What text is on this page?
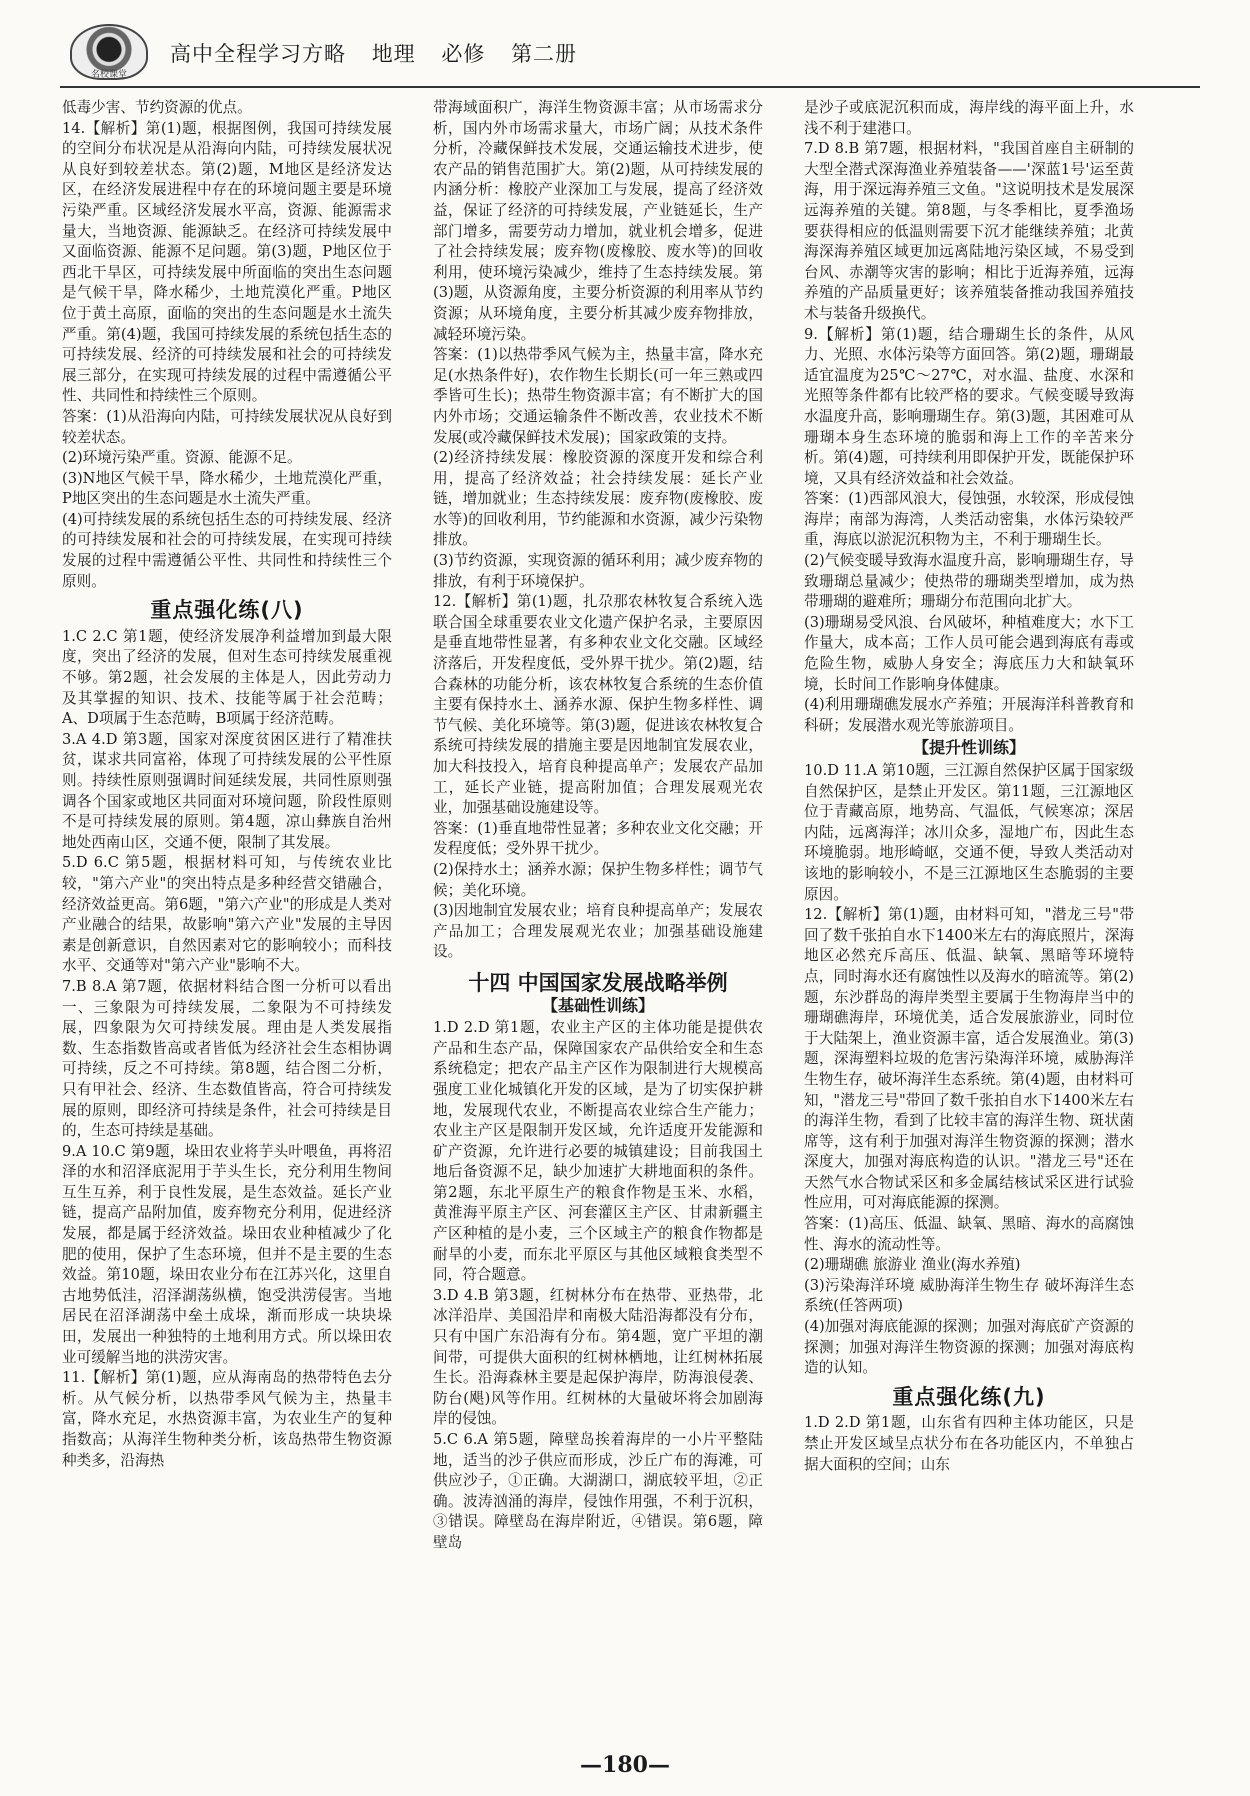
名校课堂
高中全程学习方略 地理 必修 第二册

低毒少害、节约资源的优点。

14.【解析】第(1)题，根据图例，我国可持续发展的空间分布状况是从沿海向内陆，可持续发展状况从良好到较差状态。第(2)题，M地区是经济发达区，在经济发展进程中存在的环境问题主要是环境污染严重。区域经济发展水平高，资源、能源需求量大，当地资源、能源缺乏。在经济可持续发展中又面临资源、能源不足问题。第(3)题，P地区位于西北干旱区，可持续发展中所面临的突出生态问题是气候干旱，降水稀少，土地荒漠化严重。P地区位于黄土高原，面临的突出的生态问题是水土流失严重。第(4)题，我国可持续发展的系统包括生态的可持续发展、经济的可持续发展和社会的可持续发展三部分，在实现可持续发展的过程中需遵循公平性、共同性和持续性三个原则。

答案：(1)从沿海向内陆，可持续发展状况从良好到较差状态。

(2)环境污染严重。资源、能源不足。

(3)N地区气候干旱，降水稀少，土地荒漠化严重，P地区突出的生态问题是水土流失严重。

(4)可持续发展的系统包括生态的可持续发展、经济的可持续发展和社会的可持续发展，在实现可持续发展的过程中需遵循公平性、共同性和持续性三个原则。

重点强化练(八)

1.C 2.C 第1题，使经济发展净利益增加到最大限度，突出了经济的发展，但对生态可持续发展重视不够。第2题，社会发展的主体是人，因此劳动力及其掌握的知识、技术、技能等属于社会范畴；A、D项属于生态范畴，B项属于经济范畴。

3.A 4.D 第3题，国家对深度贫困区进行了精准扶贫，谋求共同富裕，体现了可持续发展的公平性原则。持续性原则强调时间延续发展，共同性原则强调各个国家或地区共同面对环境问题，阶段性原则不是可持续发展的原则。第4题，凉山彝族自治州地处西南山区，交通不便，限制了其发展。

5.D 6.C 第5题，根据材料可知，与传统农业比较，"第六产业"的突出特点是多种经营交错融合，经济效益更高。第6题，"第六产业"的形成是人类对产业融合的结果，故影响"第六产业"发展的主导因素是创新意识，自然因素对它的影响较小；而科技水平、交通等对"第六产业"影响不大。

7.B 8.A 第7题，依据材料结合图一分析可以看出一、三象限为可持续发展，二象限为不可持续发展，四象限为欠可持续发展。理由是人类发展指数、生态指数皆高或者皆低为经济社会生态相协调可持续，反之不可持续。第8题，结合图二分析，只有甲社会、经济、生态数值皆高，符合可持续发展的原则，即经济可持续是条件，社会可持续是目的，生态可持续是基础。

9.A 10.C 第9题，垛田农业将芋头叶喂鱼，再将沼泽的水和沼泽底泥用于芋头生长，充分利用生物间互生互养，利于良性发展，是生态效益。延长产业链，提高产品附加值，废弃物充分利用，促进经济发展，都是属于经济效益。垛田农业种植减少了化肥的使用，保护了生态环境，但并不是主要的生态效益。第10题，垛田农业分布在江苏兴化，这里自古地势低洼，沼泽湖荡纵横，饱受洪涝侵害。当地居民在沼泽湖荡中垒土成垛，渐而形成一块块垛田，发展出一种独特的土地利用方式。所以垛田农业可缓解当地的洪涝灾害。

11.【解析】第(1)题，应从海南岛的热带特色去分析。从气候分析，以热带季风气候为主，热量丰富，降水充足，水热资源丰富，为农业生产的复种指数高；从海洋生物种类分析，该岛热带生物资源种类多，沿海热

带海域面积广，海洋生物资源丰富；从市场需求分析，国内外市场需求量大，市场广阔；从技术条件分析，冷藏保鲜技术发展，交通运输技术进步，使农产品的销售范围扩大。第(2)题，从可持续发展的内涵分析：橡胶产业深加工与发展，提高了经济效益，保证了经济的可持续发展，产业链延长，生产部门增多，需要劳动力增加，就业机会增多，促进了社会持续发展；废弃物(废橡胶、废水等)的回收利用，使环境污染减少，维持了生态持续发展。第(3)题，从资源角度，主要分析资源的利用率从节约资源；从环境角度，主要分析其减少废弃物排放，减轻环境污染。

答案：(1)以热带季风气候为主，热量丰富，降水充足(水热条件好)，农作物生长期长(可一年三熟或四季皆可生长)；热带生物资源丰富；有不断扩大的国内外市场；交通运输条件不断改善，农业技术不断发展(或冷藏保鲜技术发展)；国家政策的支持。

(2)经济持续发展：橡胶资源的深度开发和综合利用，提高了经济效益；社会持续发展：延长产业链，增加就业；生态持续发展：废弃物(废橡胶、废水等)的回收利用，节约能源和水资源，减少污染物排放。

(3)节约资源，实现资源的循环利用；减少废弃物的排放，有利于环境保护。

12.【解析】第(1)题，扎尕那农林牧复合系统入选联合国全球重要农业文化遗产保护名录，主要原因是垂直地带性显著，有多种农业文化交融。区域经济落后，开发程度低，受外界干扰少。第(2)题，结合森林的功能分析，该农林牧复合系统的生态价值主要有保持水土、涵养水源、保护生物多样性、调节气候、美化环境等。第(3)题，促进该农林牧复合系统可持续发展的措施主要是因地制宜发展农业，加大科技投入，培育良种提高单产；发展农产品加工，延长产业链，提高附加值；合理发展观光农业，加强基础设施建设等。

答案：(1)垂直地带性显著；多种农业文化交融；开发程度低；受外界干扰少。

(2)保持水土；涵养水源；保护生物多样性；调节气候；美化环境。

(3)因地制宜发展农业；培育良种提高单产；发展农产品加工；合理发展观光农业；加强基础设施建设。

十四 中国国家发展战略举例
【基础性训练】

1.D 2.D 第1题，农业主产区的主体功能是提供农产品和生态产品，保障国家农产品供给安全和生态系统稳定；把农产品主产区作为限制进行大规模高强度工业化城镇化开发的区域，是为了切实保护耕地，发展现代农业，不断提高农业综合生产能力；农业主产区是限制开发区域，允许适度开发能源和矿产资源，允许进行必要的城镇建设；目前我国土地后备资源不足，缺少加速扩大耕地面积的条件。第2题，东北平原生产的粮食作物是玉米、水稻，黄淮海平原主产区、河套灌区主产区、甘肃新疆主产区种植的是小麦，三个区域主产的粮食作物都是耐旱的小麦，而东北平原区与其他区域粮食类型不同，符合题意。

3.D 4.B 第3题，红树林分布在热带、亚热带，北冰洋沿岸、美国沿岸和南极大陆沿海都没有分布，只有中国广东沿海有分布。第4题，宽广平坦的潮间带，可提供大面积的红树林栖地，让红树林拓展生长。沿海森林主要是起保护海岸，防海浪侵袭、防台(飓)风等作用。红树林的大量破坏将会加剧海岸的侵蚀。

5.C 6.A 第5题，障壁岛挨着海岸的一小片平整陆地，适当的沙子供应而形成，沙丘广布的海滩，可供应沙子，①正确。大湖湖口，湖底较平坦，②正确。波涛汹涌的海岸，侵蚀作用强，不利于沉积，③错误。障壁岛在海岸附近，④错误。第6题，障壁岛

是沙子或底泥沉积而成，海岸线的海平面上升，水浅不利于建港口。

7.D 8.B 第7题，根据材料，"我国首座自主研制的大型全潜式深海渔业养殖装备——'深蓝1号'运至黄海，用于深远海养殖三文鱼。"这说明技术是发展深远海养殖的关键。第8题，与冬季相比，夏季渔场要获得相应的低温则需要下沉才能继续养殖；北黄海深海养殖区域更加远离陆地污染区域，不易受到台风、赤潮等灾害的影响；相比于近海养殖，远海养殖的产品质量更好；该养殖装备推动我国养殖技术与装备升级换代。

9.【解析】第(1)题，结合珊瑚生长的条件，从风力、光照、水体污染等方面回答。第(2)题，珊瑚最适宜温度为25℃～27℃，对水温、盐度、水深和光照等条件都有比较严格的要求。气候变暖导致海水温度升高，影响珊瑚生存。第(3)题，其困难可从珊瑚本身生态环境的脆弱和海上工作的辛苦来分析。第(4)题，可持续利用即保护开发，既能保护环境，又具有经济效益和社会效益。

答案：(1)西部风浪大，侵蚀强，水较深，形成侵蚀海岸；南部为海湾，人类活动密集，水体污染较严重，海底以淤泥沉积物为主，不利于珊瑚生长。

(2)气候变暖导致海水温度升高，影响珊瑚生存，导致珊瑚总量减少；使热带的珊瑚类型增加，成为热带珊瑚的避难所；珊瑚分布范围向北扩大。

(3)珊瑚易受风浪、台风破坏，种植难度大；水下工作量大，成本高；工作人员可能会遇到海底有毒或危险生物，威胁人身安全；海底压力大和缺氧环境，长时间工作影响身体健康。

(4)利用珊瑚礁发展水产养殖；开展海洋科普教育和科研；发展潜水观光等旅游项目。

【提升性训练】

10.D 11.A 第10题，三江源自然保护区属于国家级自然保护区，是禁止开发区。第11题，三江源地区位于青藏高原，地势高、气温低，气候寒凉；深居内陆，远离海洋；冰川众多，湿地广布，因此生态环境脆弱。地形崎岖，交通不便，导致人类活动对该地的影响较小，不是三江源地区生态脆弱的主要原因。

12.【解析】第(1)题，由材料可知，"潜龙三号"带回了数千张拍自水下1400米左右的海底照片，深海地区必然充斥高压、低温、缺氧、黑暗等环境特点，同时海水还有腐蚀性以及海水的暗流等。第(2)题，东沙群岛的海岸类型主要属于生物海岸当中的珊瑚礁海岸，环境优美，适合发展旅游业，同时位于大陆架上，渔业资源丰富，适合发展渔业。第(3)题，深海塑料垃圾的危害污染海洋环境，威胁海洋生物生存，破坏海洋生态系统。第(4)题，由材料可知，"潜龙三号"带回了数千张拍自水下1400米左右的海洋生物，看到了比较丰富的海洋生物、斑状菌席等，这有利于加强对海洋生物资源的探测；潜水深度大，加强对海底构造的认识。"潜龙三号"还在天然气水合物试采区和多金属结核试采区进行试验性应用，可对海底能源的探测。

答案：(1)高压、低温、缺氧、黑暗、海水的高腐蚀性、海水的流动性等。

(2)珊瑚礁 旅游业 渔业(海水养殖)

(3)污染海洋环境 威胁海洋生物生存 破坏海洋生态系统(任答两项)

(4)加强对海底能源的探测；加强对海底矿产资源的探测；加强对海洋生物资源的探测；加强对海底构造的认知。

重点强化练(九)

1.D 2.D 第1题，山东省有四种主体功能区，只是禁止开发区域呈点状分布在各功能区内，不单独占据大面积的空间；山东

—180—
